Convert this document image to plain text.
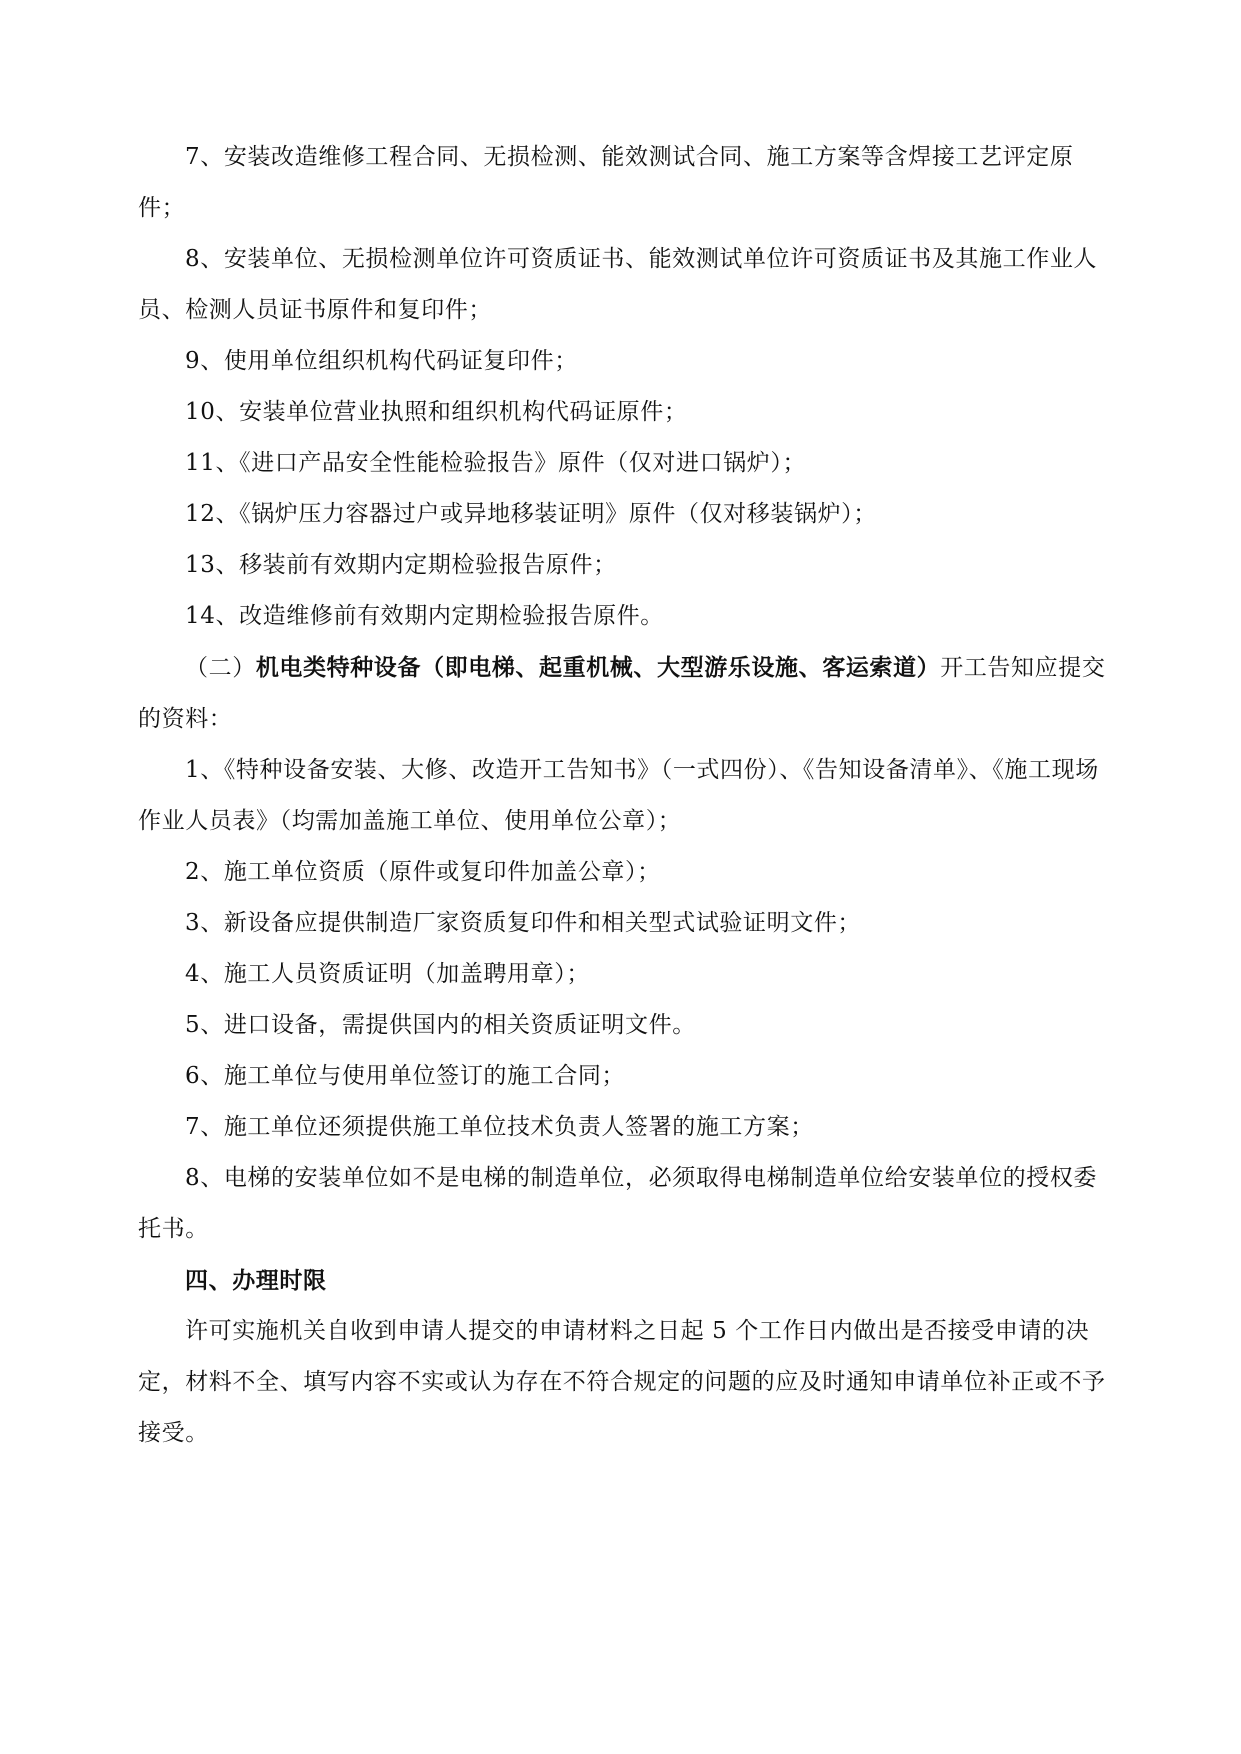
7、安装改造维修工程合同、无损检测、能效测试合同、施工方案等含焊接工艺评定原件；

8、安装单位、无损检测单位许可资质证书、能效测试单位许可资质证书及其施工作业人员、检测人员证书原件和复印件；

9、使用单位组织机构代码证复印件；

10、安装单位营业执照和组织机构代码证原件；

11、《进口产品安全性能检验报告》原件（仅对进口锅炉）；

12、《锅炉压力容器过户或异地移装证明》原件（仅对移装锅炉）；

13、移装前有效期内定期检验报告原件；

14、改造维修前有效期内定期检验报告原件。

（二）机电类特种设备（即电梯、起重机械、大型游乐设施、客运索道）开工告知应提交的资料：

1、《特种设备安装、大修、改造开工告知书》（一式四份）、《告知设备清单》、《施工现场作业人员表》（均需加盖施工单位、使用单位公章）；

2、施工单位资质（原件或复印件加盖公章）；

3、新设备应提供制造厂家资质复印件和相关型式试验证明文件；

4、施工人员资质证明（加盖聘用章）；

5、进口设备，需提供国内的相关资质证明文件。

6、施工单位与使用单位签订的施工合同；

7、施工单位还须提供施工单位技术负责人签署的施工方案；

8、电梯的安装单位如不是电梯的制造单位，必须取得电梯制造单位给安装单位的授权委托书。

四、办理时限

许可实施机关自收到申请人提交的申请材料之日起 5 个工作日内做出是否接受申请的决定，材料不全、填写内容不实或认为存在不符合规定的问题的应及时通知申请单位补正或不予接受。
